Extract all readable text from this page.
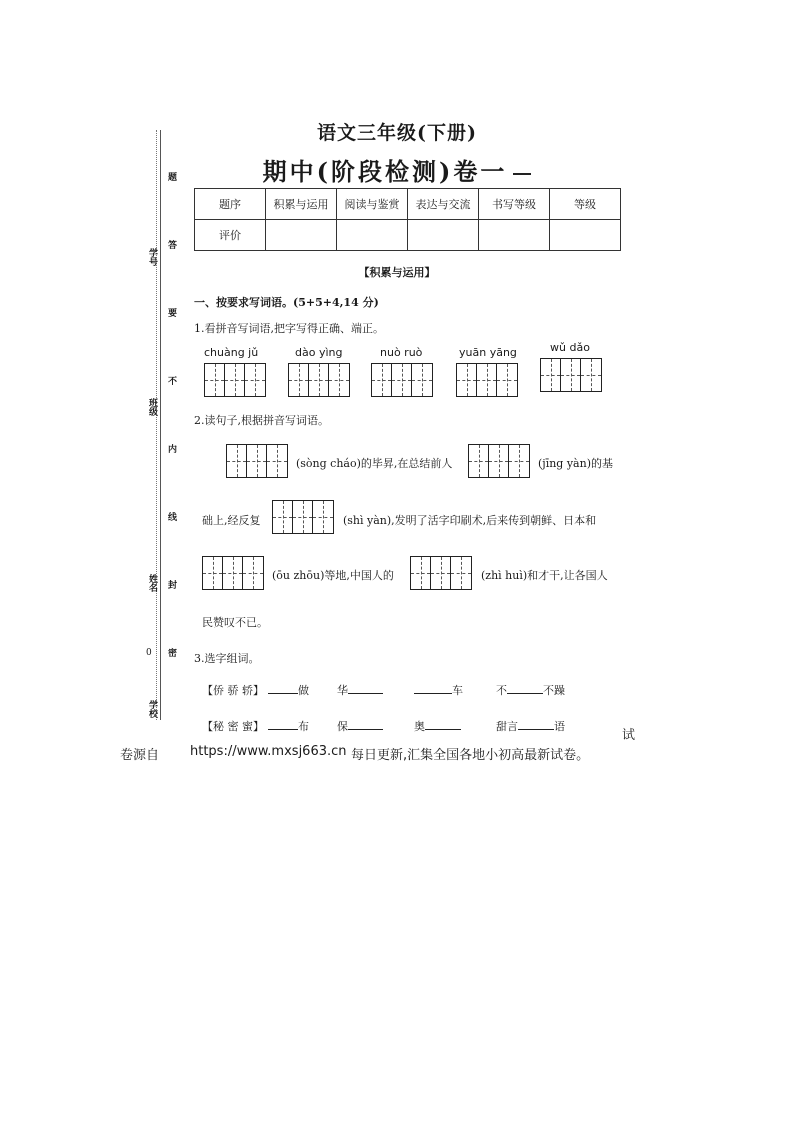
学号
班级
姓名
学校
0
题
答
要
不
内
线
封
密
语文三年级(下册)
期中(阶段检测)卷一
题序	积累与运用	阅读与鉴赏	表达与交流	书写等级	等级
评价					
【积累与运用】
一、按要求写词语。(5+5+4,14 分)
1.看拼音写词语,把字写得正确、端正。
chuàng jǔ	dào yìng	nuò ruò	yuān yāng	wǔ dǎo
2.读句子,根据拼音写词语。
(sòng cháo)的毕昇,在总结前人	(jīng yàn)的基
础上,经反复	(shì yàn),发明了活字印刷术,后来传到朝鲜、日本和
(ōu zhōu)等地,中国人的	(zhì huì)和才干,让各国人
民赞叹不已。
3.选字组词。
【侨 骄 轿】	做	华	车	不	不躁
【秘 密 蜜】	布	保	奥	甜言	语
试
卷源自 https://www.mxsj663.cn 每日更新,汇集全国各地小初高最新试卷。
